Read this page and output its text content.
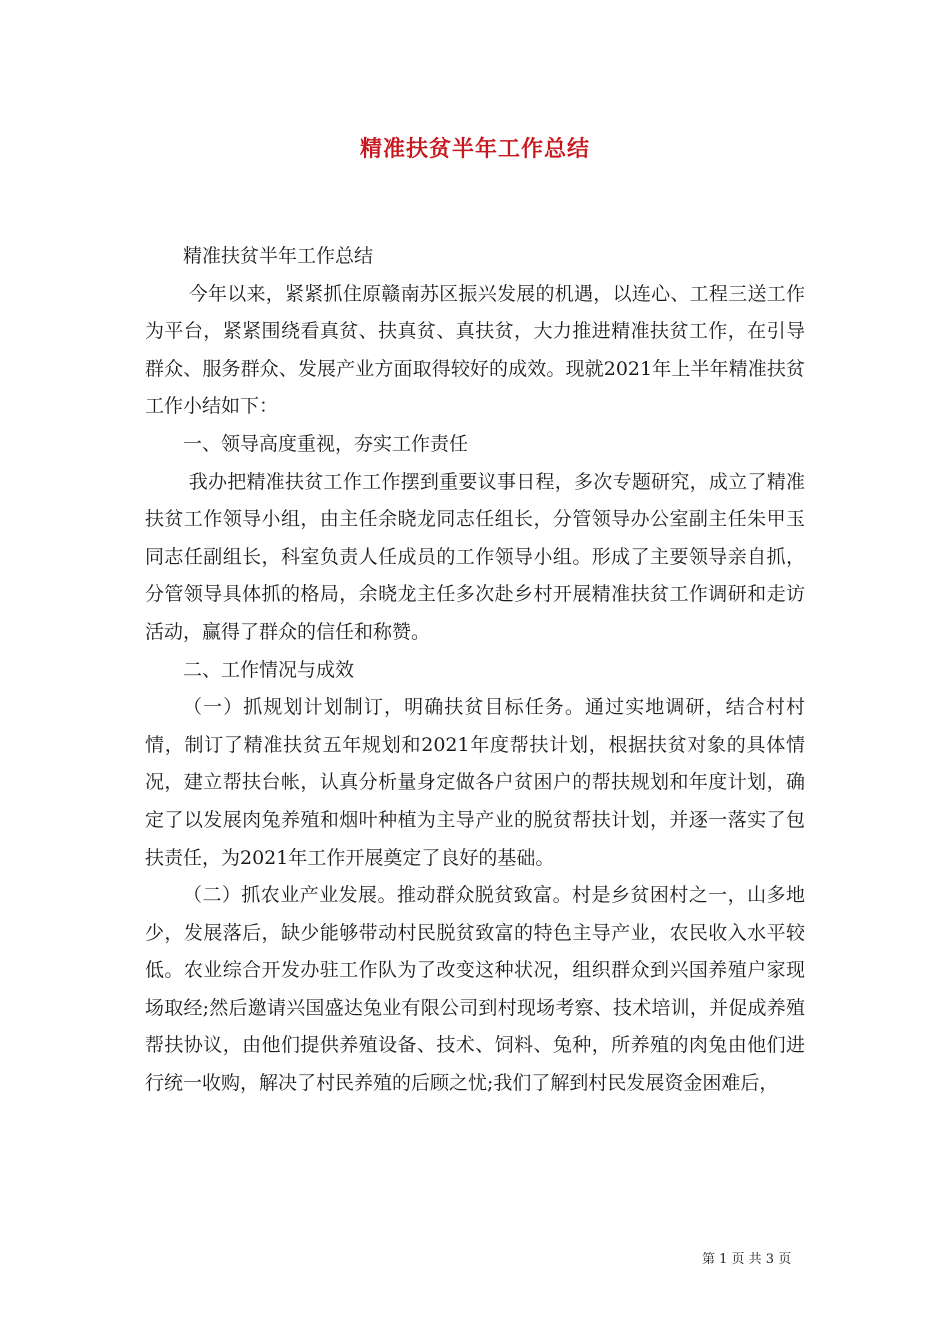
精准扶贫半年工作总结

精准扶贫半年工作总结

今年以来，紧紧抓住原赣南苏区振兴发展的机遇，以连心、工程三送工作为平台，紧紧围绕看真贫、扶真贫、真扶贫，大力推进精准扶贫工作，在引导群众、服务群众、发展产业方面取得较好的成效。现就2021年上半年精准扶贫工作小结如下：

一、领导高度重视，夯实工作责任

我办把精准扶贫工作工作摆到重要议事日程，多次专题研究，成立了精准扶贫工作领导小组，由主任余晓龙同志任组长，分管领导办公室副主任朱甲玉同志任副组长，科室负责人任成员的工作领导小组。形成了主要领导亲自抓，分管领导具体抓的格局，余晓龙主任多次赴乡村开展精准扶贫工作调研和走访活动，赢得了群众的信任和称赞。

二、工作情况与成效

（一）抓规划计划制订，明确扶贫目标任务。通过实地调研，结合村村情，制订了精准扶贫五年规划和2021年度帮扶计划，根据扶贫对象的具体情况，建立帮扶台帐，认真分析量身定做各户贫困户的帮扶规划和年度计划，确定了以发展肉兔养殖和烟叶种植为主导产业的脱贫帮扶计划，并逐一落实了包扶责任，为2021年工作开展奠定了良好的基础。

（二）抓农业产业发展。推动群众脱贫致富。村是乡贫困村之一，山多地少，发展落后，缺少能够带动村民脱贫致富的特色主导产业，农民收入水平较低。农业综合开发办驻工作队为了改变这种状况，组织群众到兴国养殖户家现场取经;然后邀请兴国盛达兔业有限公司到村现场考察、技术培训，并促成养殖帮扶协议，由他们提供养殖设备、技术、饲料、兔种，所养殖的肉兔由他们进行统一收购，解决了村民养殖的后顾之忧;我们了解到村民发展资金困难后，

第 1 页 共 3 页
